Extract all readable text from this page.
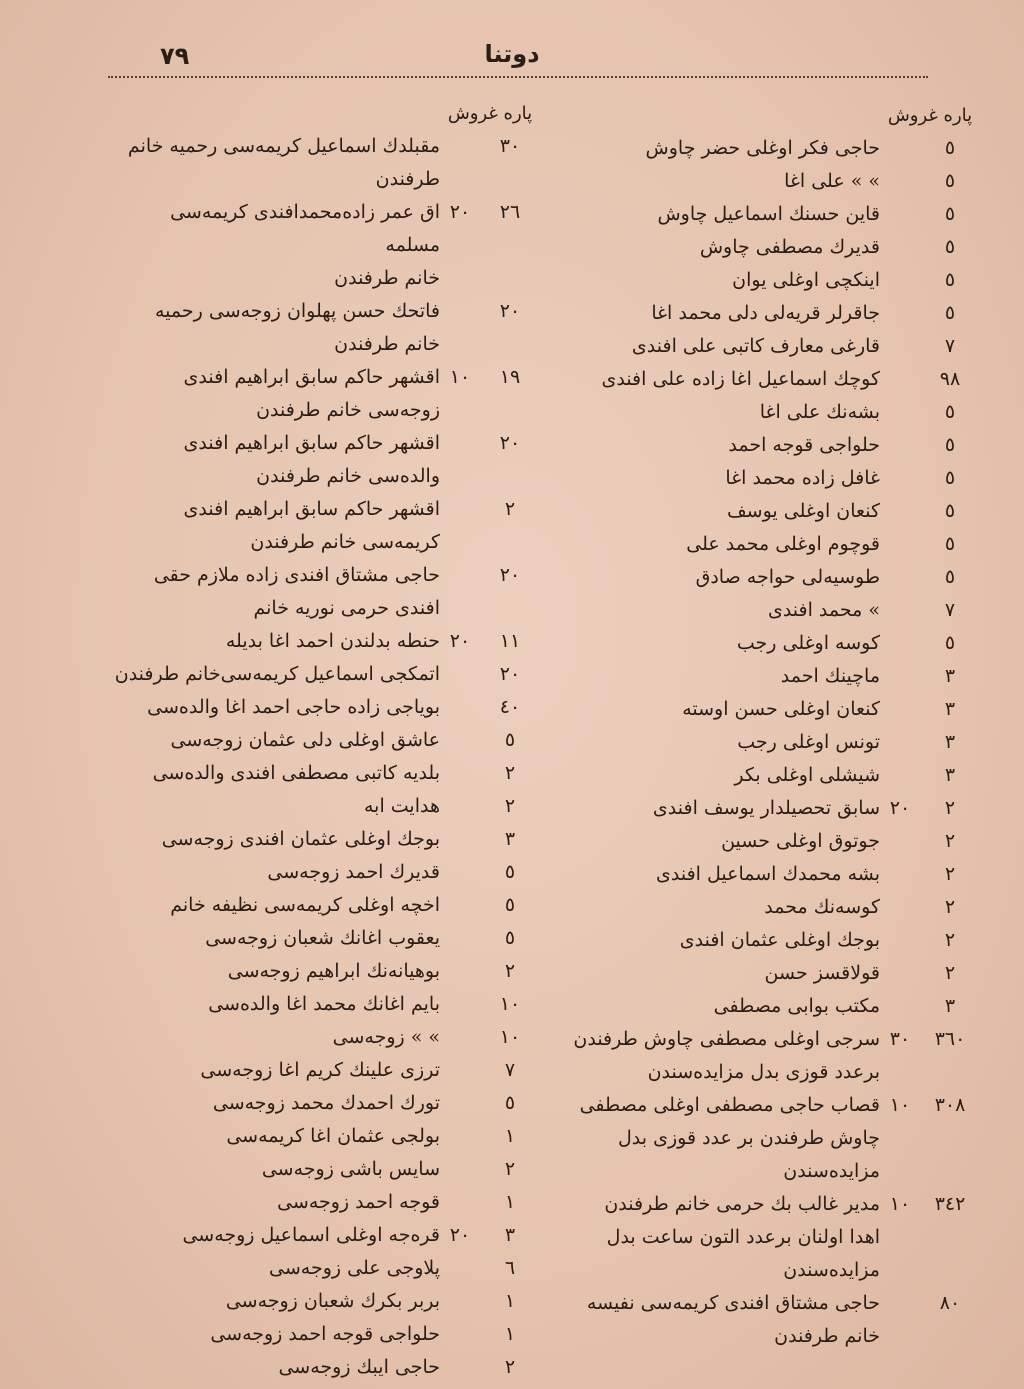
٧٩	دوتنا
پاره غروش
٥
حاجی فکر اوغلی حضر چاوش
٥
» » علی اغا
٥
قاین حسنك اسماعیل چاوش
٥
قدیرك مصطفی چاوش
٥
اینکچی اوغلی یوان
٥
جاقرلر قریه‌لی دلی محمد اغا
٧
قارغی معارف کاتبی علی افندی
٩٨
کوچك اسماعیل اغا زاده علی افندی
٥
بشه‌نك علی اغا
٥
حلواجی قوجه احمد
٥
غافل زاده محمد اغا
٥
کنعان اوغلی یوسف
٥
قوچوم اوغلی محمد علی
٥
طوسیه‌لی حواجه صادق
٧
» محمد افندی
٥
کوسه اوغلی رجب
٣
ماچینك احمد
٣
کنعان اوغلی حسن اوسته
٣
تونس اوغلی رجب
٣
شیشلی اوغلی بکر
٢
٢٠
سابق تحصیلدار یوسف افندی
٢
جوتوق اوغلی حسین
٢
بشه محمدك اسماعیل افندی
٢
کوسه‌نك محمد
٢
بوجك اوغلی عثمان افندی
٢
قولاقسز حسن
٣
مکتب بوابی مصطفی
٣٦٠
٣٠
سرجی اوغلی مصطفی چاوش طرفندن
برعدد قوزی بدل مزایده‌سندن
٣٠٨
١٠
قصاب حاجی مصطفی اوغلی مصطفی
چاوش طرفندن بر عدد قوزی بدل
مزایده‌سندن
٣٤٢
١٠
مدیر غالب بك حرمی خانم طرفندن
اهدا اولنان برعدد التون ساعت بدل
مزایده‌سندن
٨٠
حاجی مشتاق افندی کریمه‌سی نفیسه
خانم طرفندن
پاره غروش
٣٠
مقبلدك اسماعیل کریمه‌سی رحمیه خانم
طرفندن
٢٦
٢٠
اق عمر زاده‌محمدافندی کریمه‌سی مسلمه
خانم طرفندن
٢٠
فاتحك حسن پهلوان زوجه‌سی رحمیه
خانم طرفندن
١٩
١٠
اقشهر حاکم سابق ابراهیم افندی
زوجه‌سی خانم طرفندن
٢٠
اقشهر حاکم سابق ابراهیم افندی
والده‌سی خانم طرفندن
٢
اقشهر حاکم سابق ابراهیم افندی
کریمه‌سی خانم طرفندن
٢٠
حاجی مشتاق افندی زاده ملازم حقی
افندی حرمی نوریه خانم
١١
٢٠
حنطه بدلندن احمد اغا بدیله
٢٠
اتمکجی اسماعیل کریمه‌سی‌خانم طرفندن
٤٠
بویاجی زاده حاجی احمد اغا والده‌سی
٥
عاشق اوغلی دلی عثمان زوجه‌سی
٢
بلدیه کاتبی مصطفی افندی والده‌سی
٢
هدایت ابه
٣
بوجك اوغلی عثمان افندی زوجه‌سی
٥
قدیرك احمد زوجه‌سی
٥
اخچه اوغلی کریمه‌سی نظیفه خانم
٥
یعقوب اغانك شعبان زوجه‌سی
٢
بوهیانه‌نك ابراهیم زوجه‌سی
١٠
بایم اغانك محمد اغا والده‌سی
١٠
» » زوجه‌سی
٧
ترزی علینك کریم اغا زوجه‌سی
٥
تورك احمدك محمد زوجه‌سی
١
بولجی عثمان اغا کریمه‌سی
٢
سایس باشی زوجه‌سی
١
قوجه احمد زوجه‌سی
٣
٢٠
قره‌جه اوغلی اسماعیل زوجه‌سی
٦
پلاوجی علی زوجه‌سی
١
بربر بکرك شعبان زوجه‌سی
١
حلواجی قوجه احمد زوجه‌سی
٢
حاجی ایبك زوجه‌سی
